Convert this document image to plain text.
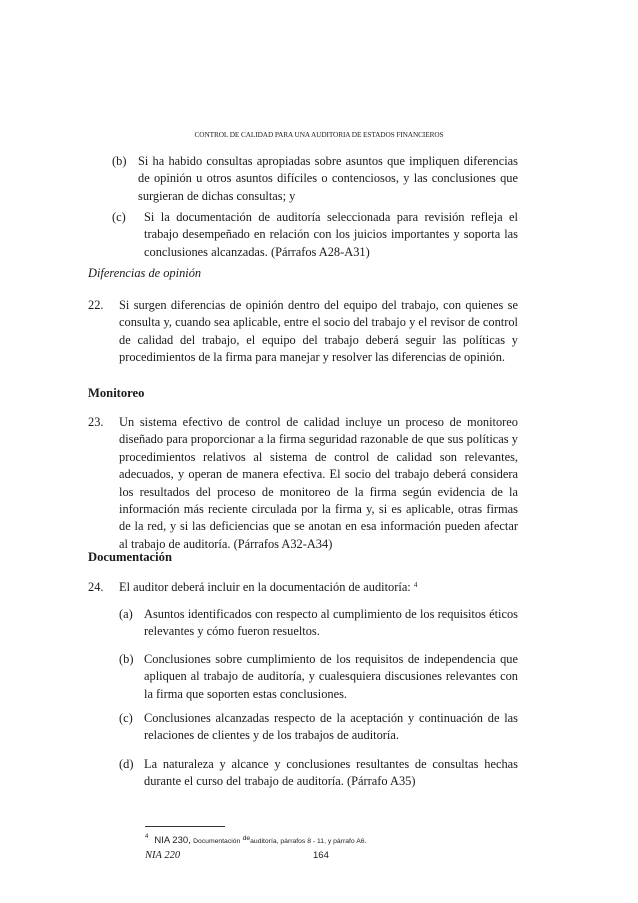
CONTROL DE CALIDAD PARA UNA AUDITORIA DE ESTADOS FINANCIEROS
(b) Si ha habido consultas apropiadas sobre asuntos que impliquen diferencias de opinión u otros asuntos difíciles o contenciosos, y las conclusiones que surgieran de dichas consultas; y
(c) Si la documentación de auditoría seleccionada para revisión refleja el trabajo desempeñado en relación con los juicios importantes y soporta las conclusiones alcanzadas. (Párrafos A28-A31)
Diferencias de opinión
22. Si surgen diferencias de opinión dentro del equipo del trabajo, con quienes se consulta y, cuando sea aplicable, entre el socio del trabajo y el revisor de control de calidad del trabajo, el equipo del trabajo deberá seguir las políticas y procedimientos de la firma para manejar y resolver las diferencias de opinión.
Monitoreo
23. Un sistema efectivo de control de calidad incluye un proceso de monitoreo diseñado para proporcionar a la firma seguridad razonable de que sus políticas y procedimientos relativos al sistema de control de calidad son relevantes, adecuados, y operan de manera efectiva. El socio del trabajo deberá considera los resultados del proceso de monitoreo de la firma según evidencia de la información más reciente circulada por la firma y, si es aplicable, otras firmas de la red, y si las deficiencias que se anotan en esa información pueden afectar al trabajo de auditoría. (Párrafos A32-A34)
Documentación
24. El auditor deberá incluir en la documentación de auditoría: $^4$
(a) Asuntos identificados con respecto al cumplimiento de los requisitos éticos relevantes y cómo fueron resueltos.
(b) Conclusiones sobre cumplimiento de los requisitos de independencia que apliquen al trabajo de auditoría, y cualesquiera discusiones relevantes con la firma que soporten estas conclusiones.
(c) Conclusiones alcanzadas respecto de la aceptación y continuación de las relaciones de clientes y de los trabajos de auditoría.
(d) La naturaleza y alcance y conclusiones resultantes de consultas hechas durante el curso del trabajo de auditoría. (Párrafo A35)
$^4$ NIA 230, Documentación $^{de}$auditoría, párrafos 8 - 11, y párrafo A6.
NIA 220	164
